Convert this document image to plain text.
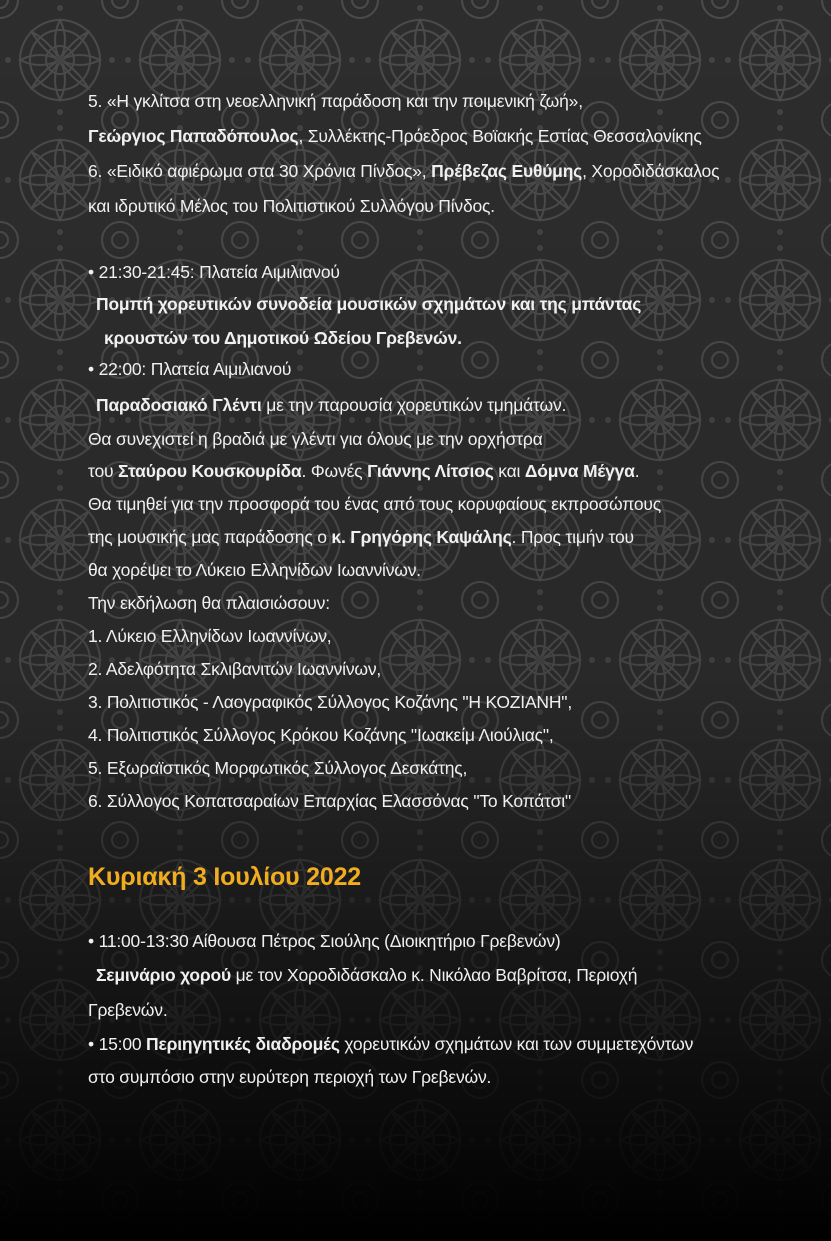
5. «Η γκλίτσα στη νεοελληνική παράδοση και την ποιμενική ζωή»,
Γεώργιος Παπαδόπουλος, Συλλέκτης-Πρόεδρος Βοϊακής Εστίας Θεσσαλονίκης
6. «Ειδικό αφιέρωμα στα 30 Χρόνια Πίνδος», Πρέβεζας Ευθύμης, Χοροδιδάσκαλος
και ιδρυτικό Μέλος του Πολιτιστικού Συλλόγου Πίνδος.
• 21:30-21:45: Πλατεία Αιμιλιανού
Πομπή χορευτικών συνοδεία μουσικών σχημάτων και της μπάντας
κρουστών του Δημοτικού Ωδείου Γρεβενών.
• 22:00: Πλατεία Αιμιλιανού
Παραδοσιακό Γλέντι με την παρουσία χορευτικών τμημάτων.
Θα συνεχιστεί η βραδιά με γλέντι για όλους με την ορχήστρα
του Σταύρου Κουσκουρίδα. Φωνές Γιάννης Λίτσιος και Δόμνα Μέγγα.
Θα τιμηθεί για την προσφορά του ένας από τους κορυφαίους εκπροσώπους
της μουσικής μας παράδοσης ο κ. Γρηγόρης Καψάλης. Προς τιμήν του
θα χορέψει το Λύκειο Ελληνίδων Ιωαννίνων.
Την εκδήλωση θα πλαισιώσουν:
1. Λύκειο Ελληνίδων Ιωαννίνων,
2. Αδελφότητα Σκλιβανιτών Ιωαννίνων,
3. Πολιτιστικός - Λαογραφικός Σύλλογος Κοζάνης "Η ΚΟΖΙΑΝΗ",
4. Πολιτιστικός Σύλλογος Κρόκου Κοζάνης "Ιωακείμ Λιούλιας",
5. Εξωραϊστικός Μορφωτικός Σύλλογος Δεσκάτης,
6. Σύλλογος Κοπατσαραίων Επαρχίας Ελασσόνας "Το Κοπάτσι"
Κυριακή 3 Ιουλίου 2022
• 11:00-13:30 Αίθουσα Πέτρος Σιούλης (Διοικητήριο Γρεβενών)
Σεμινάριο χορού με τον Χοροδιδάσκαλο κ. Νικόλαο Βαβρίτσα, Περιοχή
Γρεβενών.
• 15:00 Περιηγητικές διαδρομές χορευτικών σχημάτων και των συμμετεχόντων
στο συμπόσιο στην ευρύτερη περιοχή των Γρεβενών.
